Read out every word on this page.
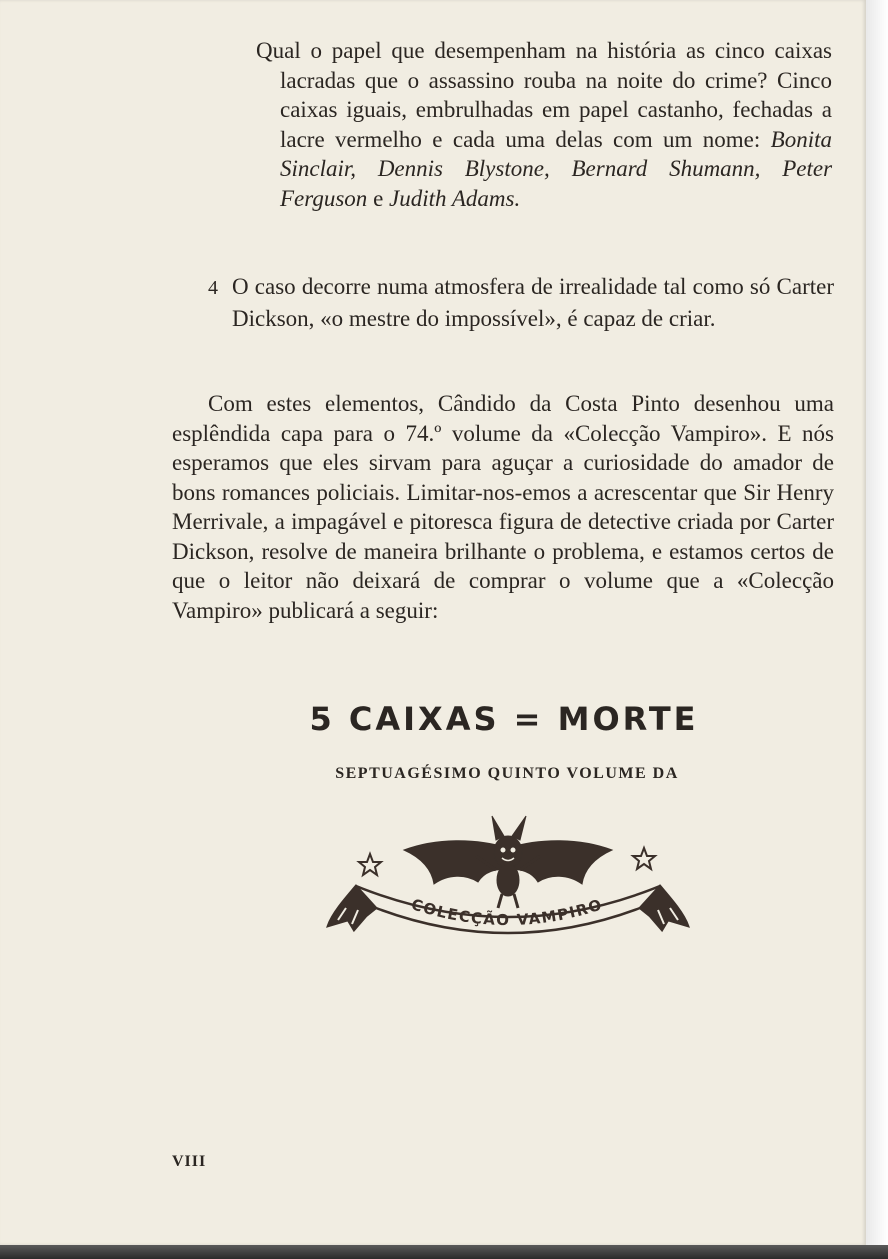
Qual o papel que desempenham na história as cinco caixas lacradas que o assassino rouba na noite do crime? Cinco caixas iguais, embrulhadas em papel castanho, fechadas a lacre vermelho e cada uma delas com um nome: Bonita Sinclair, Dennis Blystone, Bernard Shumann, Peter Ferguson e Judith Adams.
4 O caso decorre numa atmosfera de irrealidade tal como só Carter Dickson, «o mestre do impossível», é capaz de criar.
Com estes elementos, Cândido da Costa Pinto desenhou uma esplêndida capa para o 74.º volume da «Colecção Vampiro». E nós esperamos que eles sirvam para aguçar a curiosidade do amador de bons romances policiais. Limitar-nos-emos a acrescentar que Sir Henry Merrivale, a impagável e pitoresca figura de detective criada por Carter Dickson, resolve de maneira brilhante o problema, e estamos certos de que o leitor não deixará de comprar o volume que a «Colecção Vampiro» publicará a seguir:
5 CAIXAS = MORTE
SEPTUAGÉSIMO QUINTO VOLUME DA
COLECÇÃO VAMPIRO
VIII
